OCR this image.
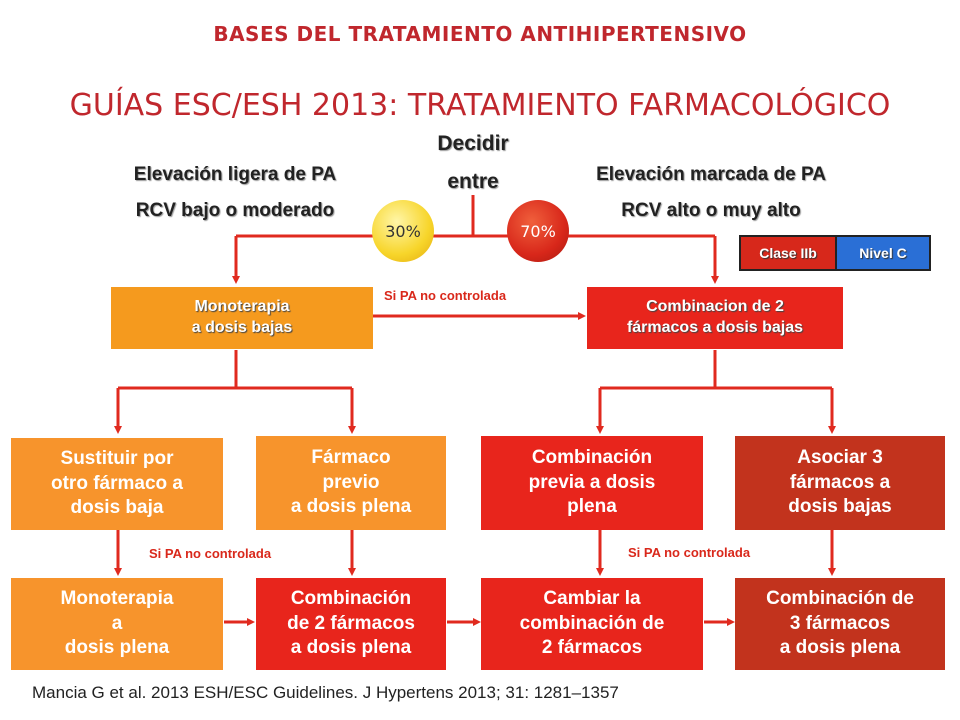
BASES DEL TRATAMIENTO ANTIHIPERTENSIVO
GUÍAS ESC/ESH 2013: TRATAMIENTO FARMACOLÓGICO
Decidir
entre
Elevación ligera de PA
RCV bajo o moderado
Elevación marcada de PA
RCV alto o muy alto
30%	70%
Clase IIb	Nivel C
Monoterapia
a dosis bajas
Combinacion de 2
fármacos a dosis bajas
Si PA no controlada
Sustituir por
otro fármaco a
dosis baja
Fármaco
previo
a dosis plena
Combinación
previa a dosis
plena
Asociar 3
fármacos a
dosis bajas
Si PA no controlada	Si PA no controlada
Monoterapia
a
dosis plena
Combinación
de 2 fármacos
a dosis plena
Cambiar la
combinación de
2 fármacos
Combinación de
3 fármacos
a dosis plena
Mancia G et al. 2013 ESH/ESC Guidelines. J Hypertens 2013; 31: 1281–1357
